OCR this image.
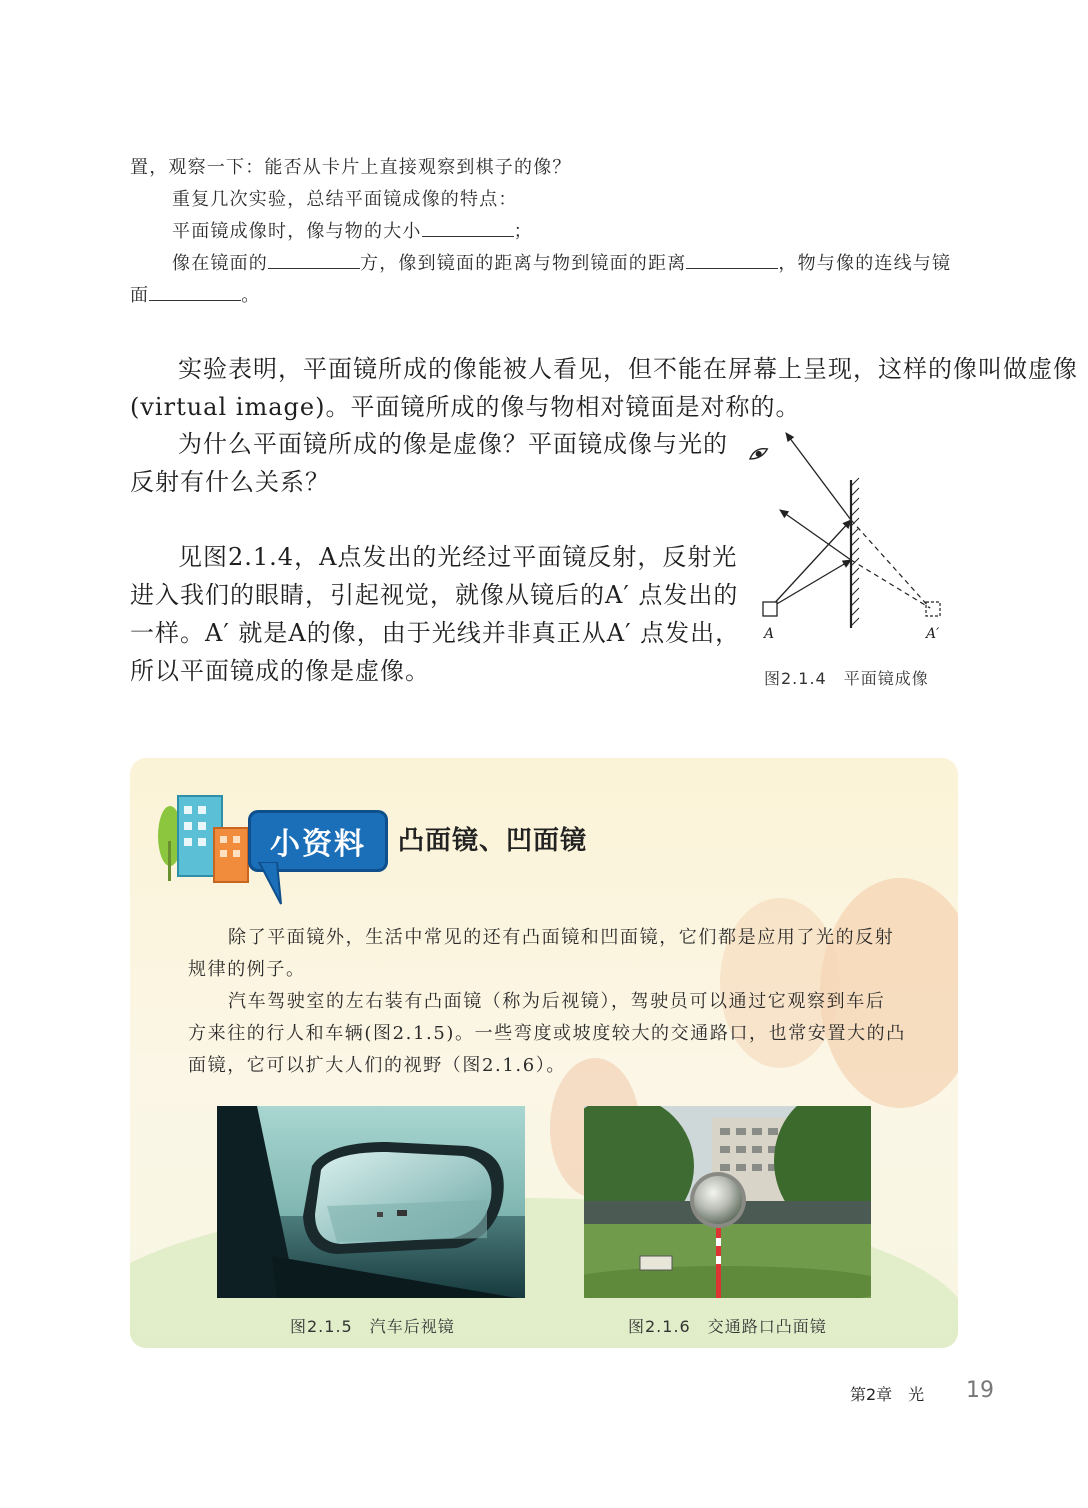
置，观察一下：能否从卡片上直接观察到棋子的像？
重复几次实验，总结平面镜成像的特点：
平面镜成像时，像与物的大小	；
像在镜面的	方，像到镜面的距离与物到镜面的距离	，物与像的连线与镜
面	。
实验表明，平面镜所成的像能被人看见，但不能在屏幕上呈现，这样的像叫做虚像
(virtual image)。平面镜所成的像与物相对镜面是对称的。
为什么平面镜所成的像是虚像？平面镜成像与光的
反射有什么关系？
见图2.1.4，A点发出的光经过平面镜反射，反射光
进入我们的眼睛，引起视觉，就像从镜后的A′ 点发出的
一样。A′ 就是A的像，由于光线并非真正从A′ 点发出，
所以平面镜成的像是虚像。
A	A′
图2.1.4　平面镜成像
小资料	凸面镜、凹面镜
除了平面镜外，生活中常见的还有凸面镜和凹面镜，它们都是应用了光的反射
规律的例子。
汽车驾驶室的左右装有凸面镜（称为后视镜），驾驶员可以通过它观察到车后
方来往的行人和车辆(图2.1.5)。一些弯度或坡度较大的交通路口，也常安置大的凸
面镜，它可以扩大人们的视野（图2.1.6）。
图2.1.5　汽车后视镜	图2.1.6　交通路口凸面镜
第2章　光 19
